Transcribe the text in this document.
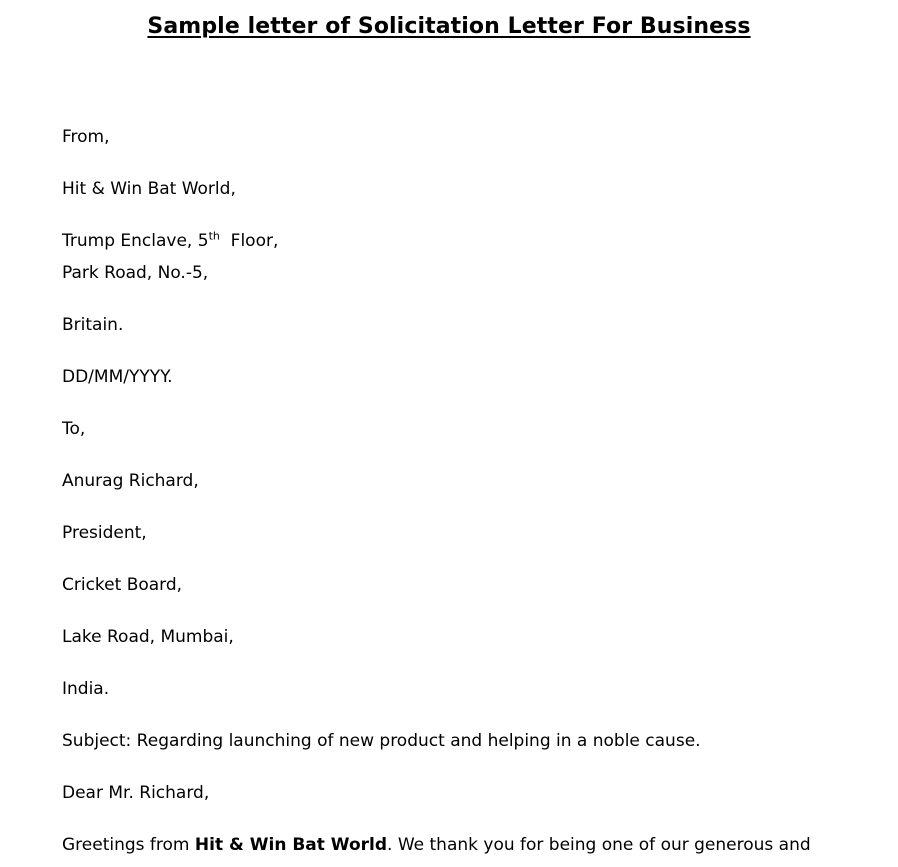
Sample letter of Solicitation Letter For Business
From,
Hit & Win Bat World,
Trump Enclave, 5th  Floor,
Park Road, No.-5,
Britain.
DD/MM/YYYY.
To,
Anurag Richard,
President,
Cricket Board,
Lake Road, Mumbai,
India.
Subject: Regarding launching of new product and helping in a noble cause.
Dear Mr. Richard,
Greetings from Hit & Win Bat World. We thank you for being one of our generous and
